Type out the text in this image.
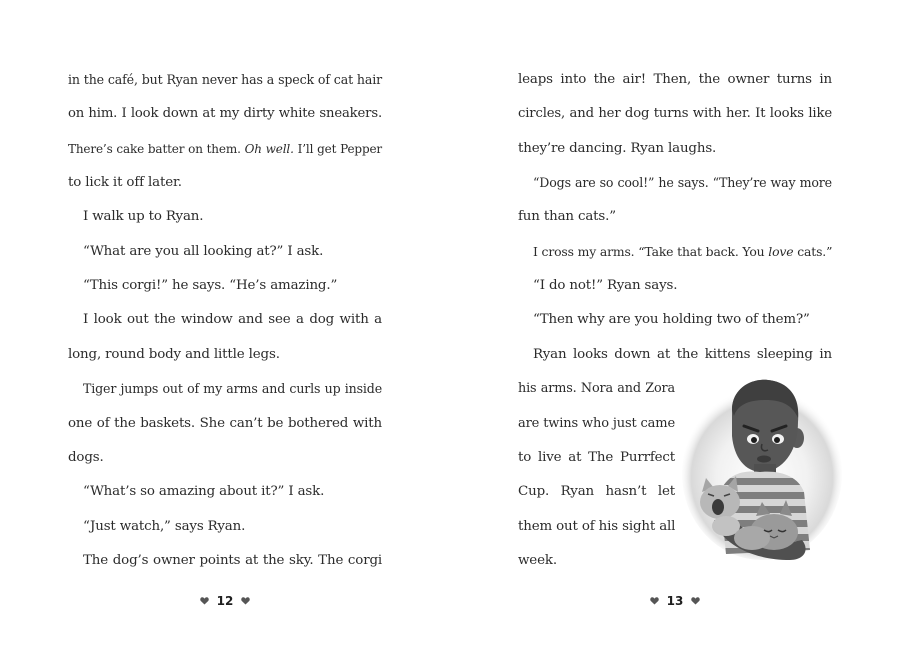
in the café, but Ryan never has a speck of cat hair
on him. I look down at my dirty white sneakers.
There’s cake batter on them. Oh well. I’ll get Pepper
to lick it off later.
I walk up to Ryan.
“What are you all looking at?” I ask.
“This corgi!” he says. “He’s amazing.”
I look out the window and see a dog with a
long, round body and little legs.
Tiger jumps out of my arms and curls up inside
one of the baskets. She can’t be bothered with
dogs.
“What’s so amazing about it?” I ask.
“Just watch,” says Ryan.
The dog’s owner points at the sky. The corgi
12
leaps into the air! Then, the owner turns in
circles, and her dog turns with her. It looks like
they’re dancing. Ryan laughs.
“Dogs are so cool!” he says. “They’re way more
fun than cats.”
I cross my arms. “Take that back. You love cats.”
“I do not!” Ryan says.
“Then why are you holding two of them?”
Ryan looks down at the kittens sleeping in
his arms. Nora and Zora
are twins who just came
to live at The Purrfect
Cup. Ryan hasn’t let
them out of his sight all
week.
13
